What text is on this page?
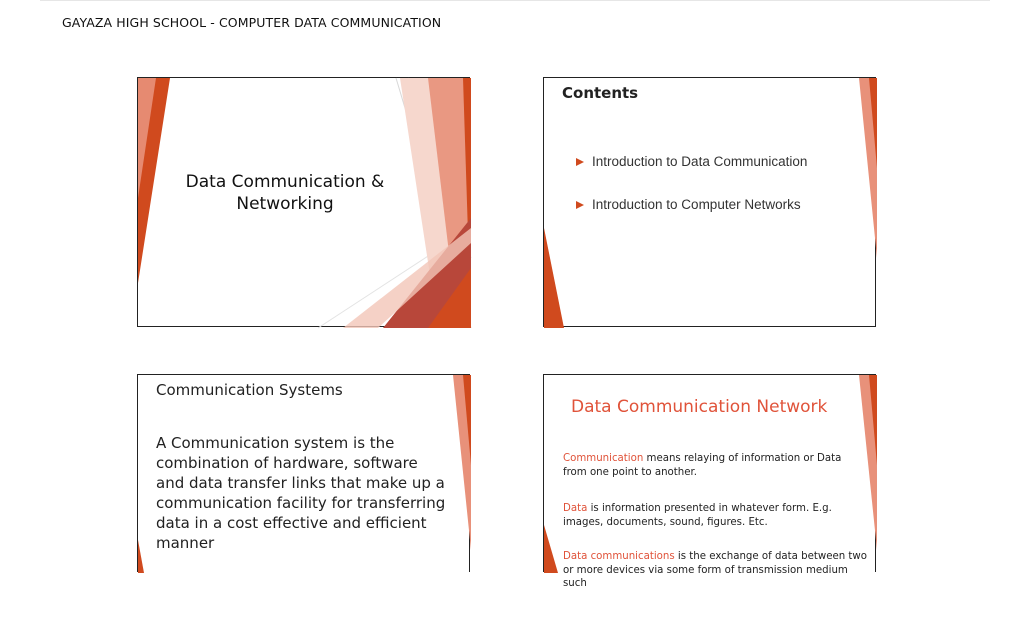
GAYAZA HIGH SCHOOL - COMPUTER DATA COMMUNICATION
Data Communication &
Networking
Contents
Introduction to Data Communication
Introduction to Computer Networks
Communication Systems
A Communication system is the combination of hardware, software and data transfer links that make up a communication facility for transferring data in a cost effective and efficient manner
Data Communication Network
Communication means relaying of information or Data from one point to another.
Data is information presented in whatever form. E.g. images, documents, sound, figures. Etc.
Data communications is the exchange of data between two or more devices via some form of transmission medium such
